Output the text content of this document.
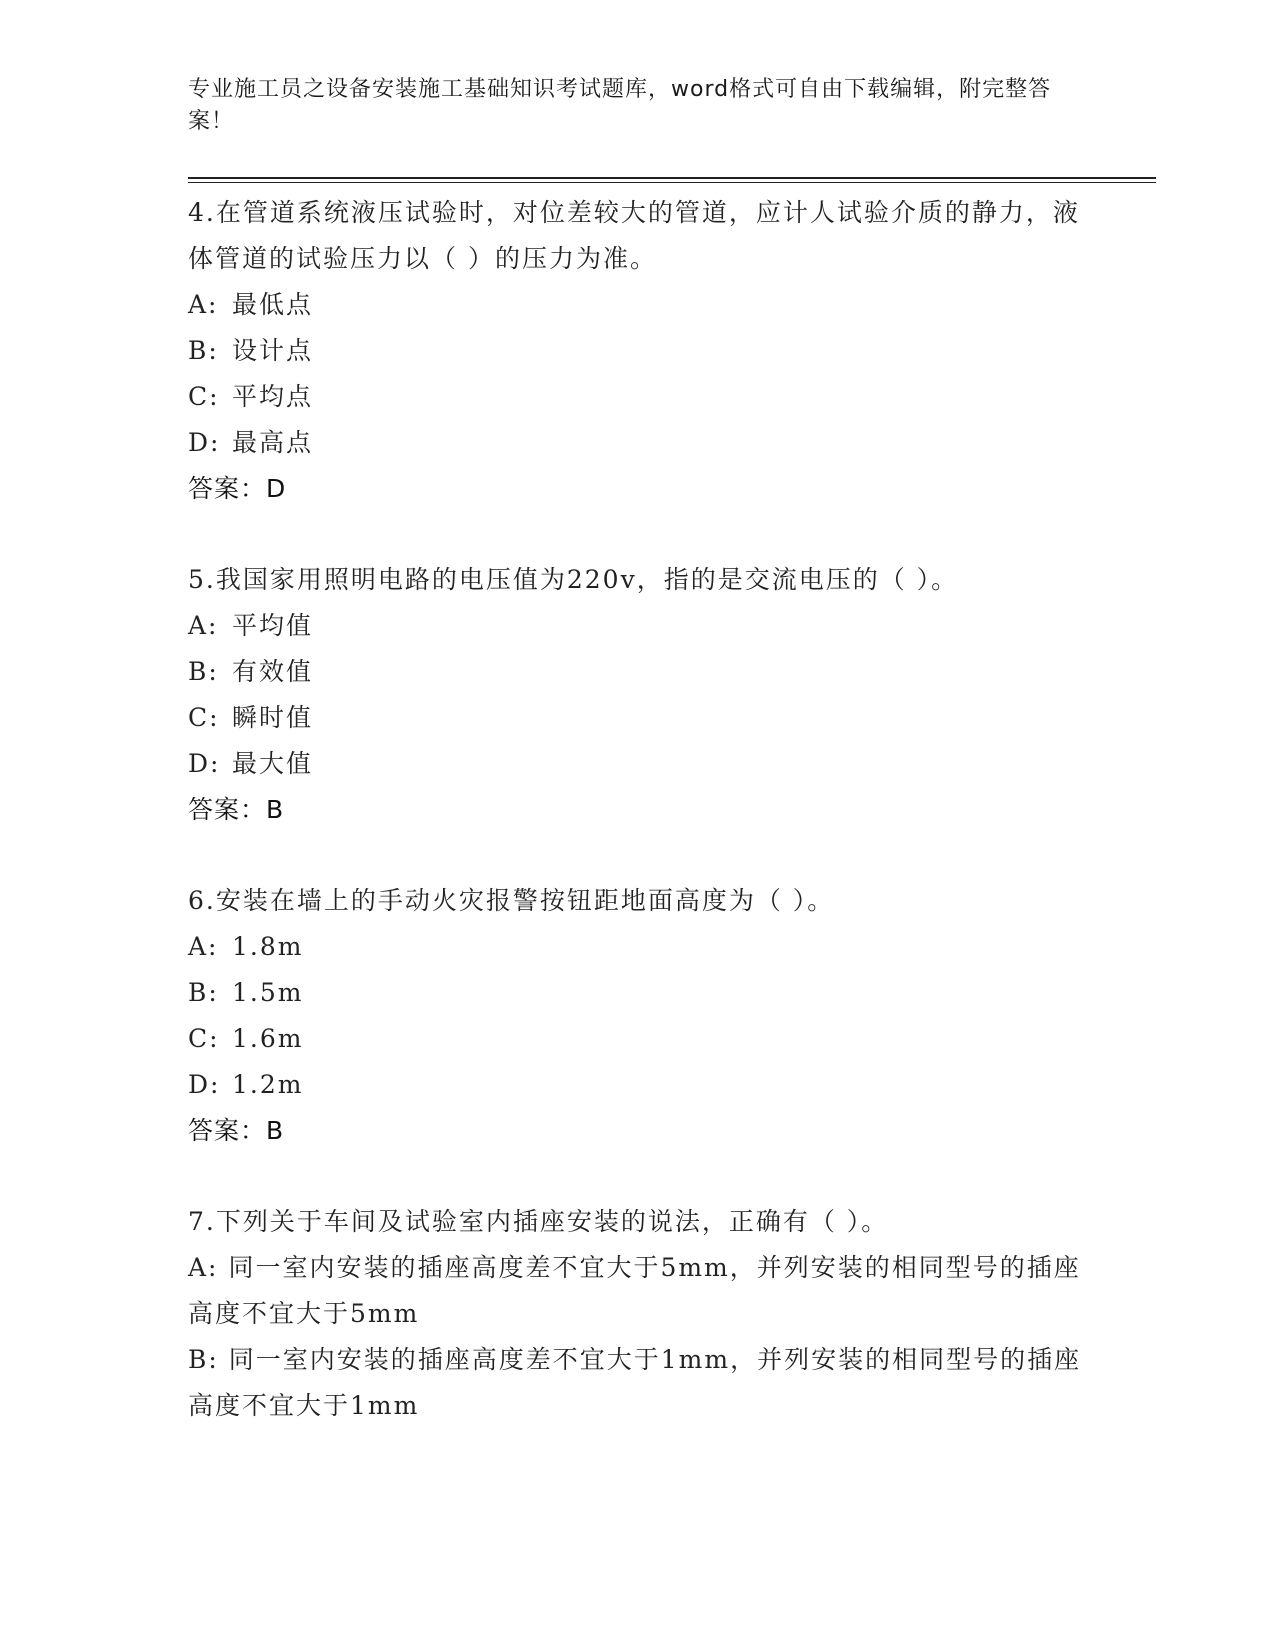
专业施工员之设备安装施工基础知识考试题库，word格式可自由下载编辑，附完整答案！

4.在管道系统液压试验时，对位差较大的管道，应计人试验介质的静力，液体管道的试验压力以（ ）的压力为准。

A: 最低点

B: 设计点

C: 平均点

D: 最高点

答案：D

5.我国家用照明电路的电压值为220v，指的是交流电压的（ ）。

A: 平均值

B: 有效值

C: 瞬时值

D: 最大值

答案：B

6.安装在墙上的手动火灾报警按钮距地面高度为（ ）。

A: 1.8m

B: 1.5m

C: 1.6m

D: 1.2m

答案：B

7.下列关于车间及试验室内插座安装的说法，正确有（ ）。

A: 同一室内安装的插座高度差不宜大于5mm，并列安装的相同型号的插座高度不宜大于5mm

B: 同一室内安装的插座高度差不宜大于1mm，并列安装的相同型号的插座高度不宜大于1mm
